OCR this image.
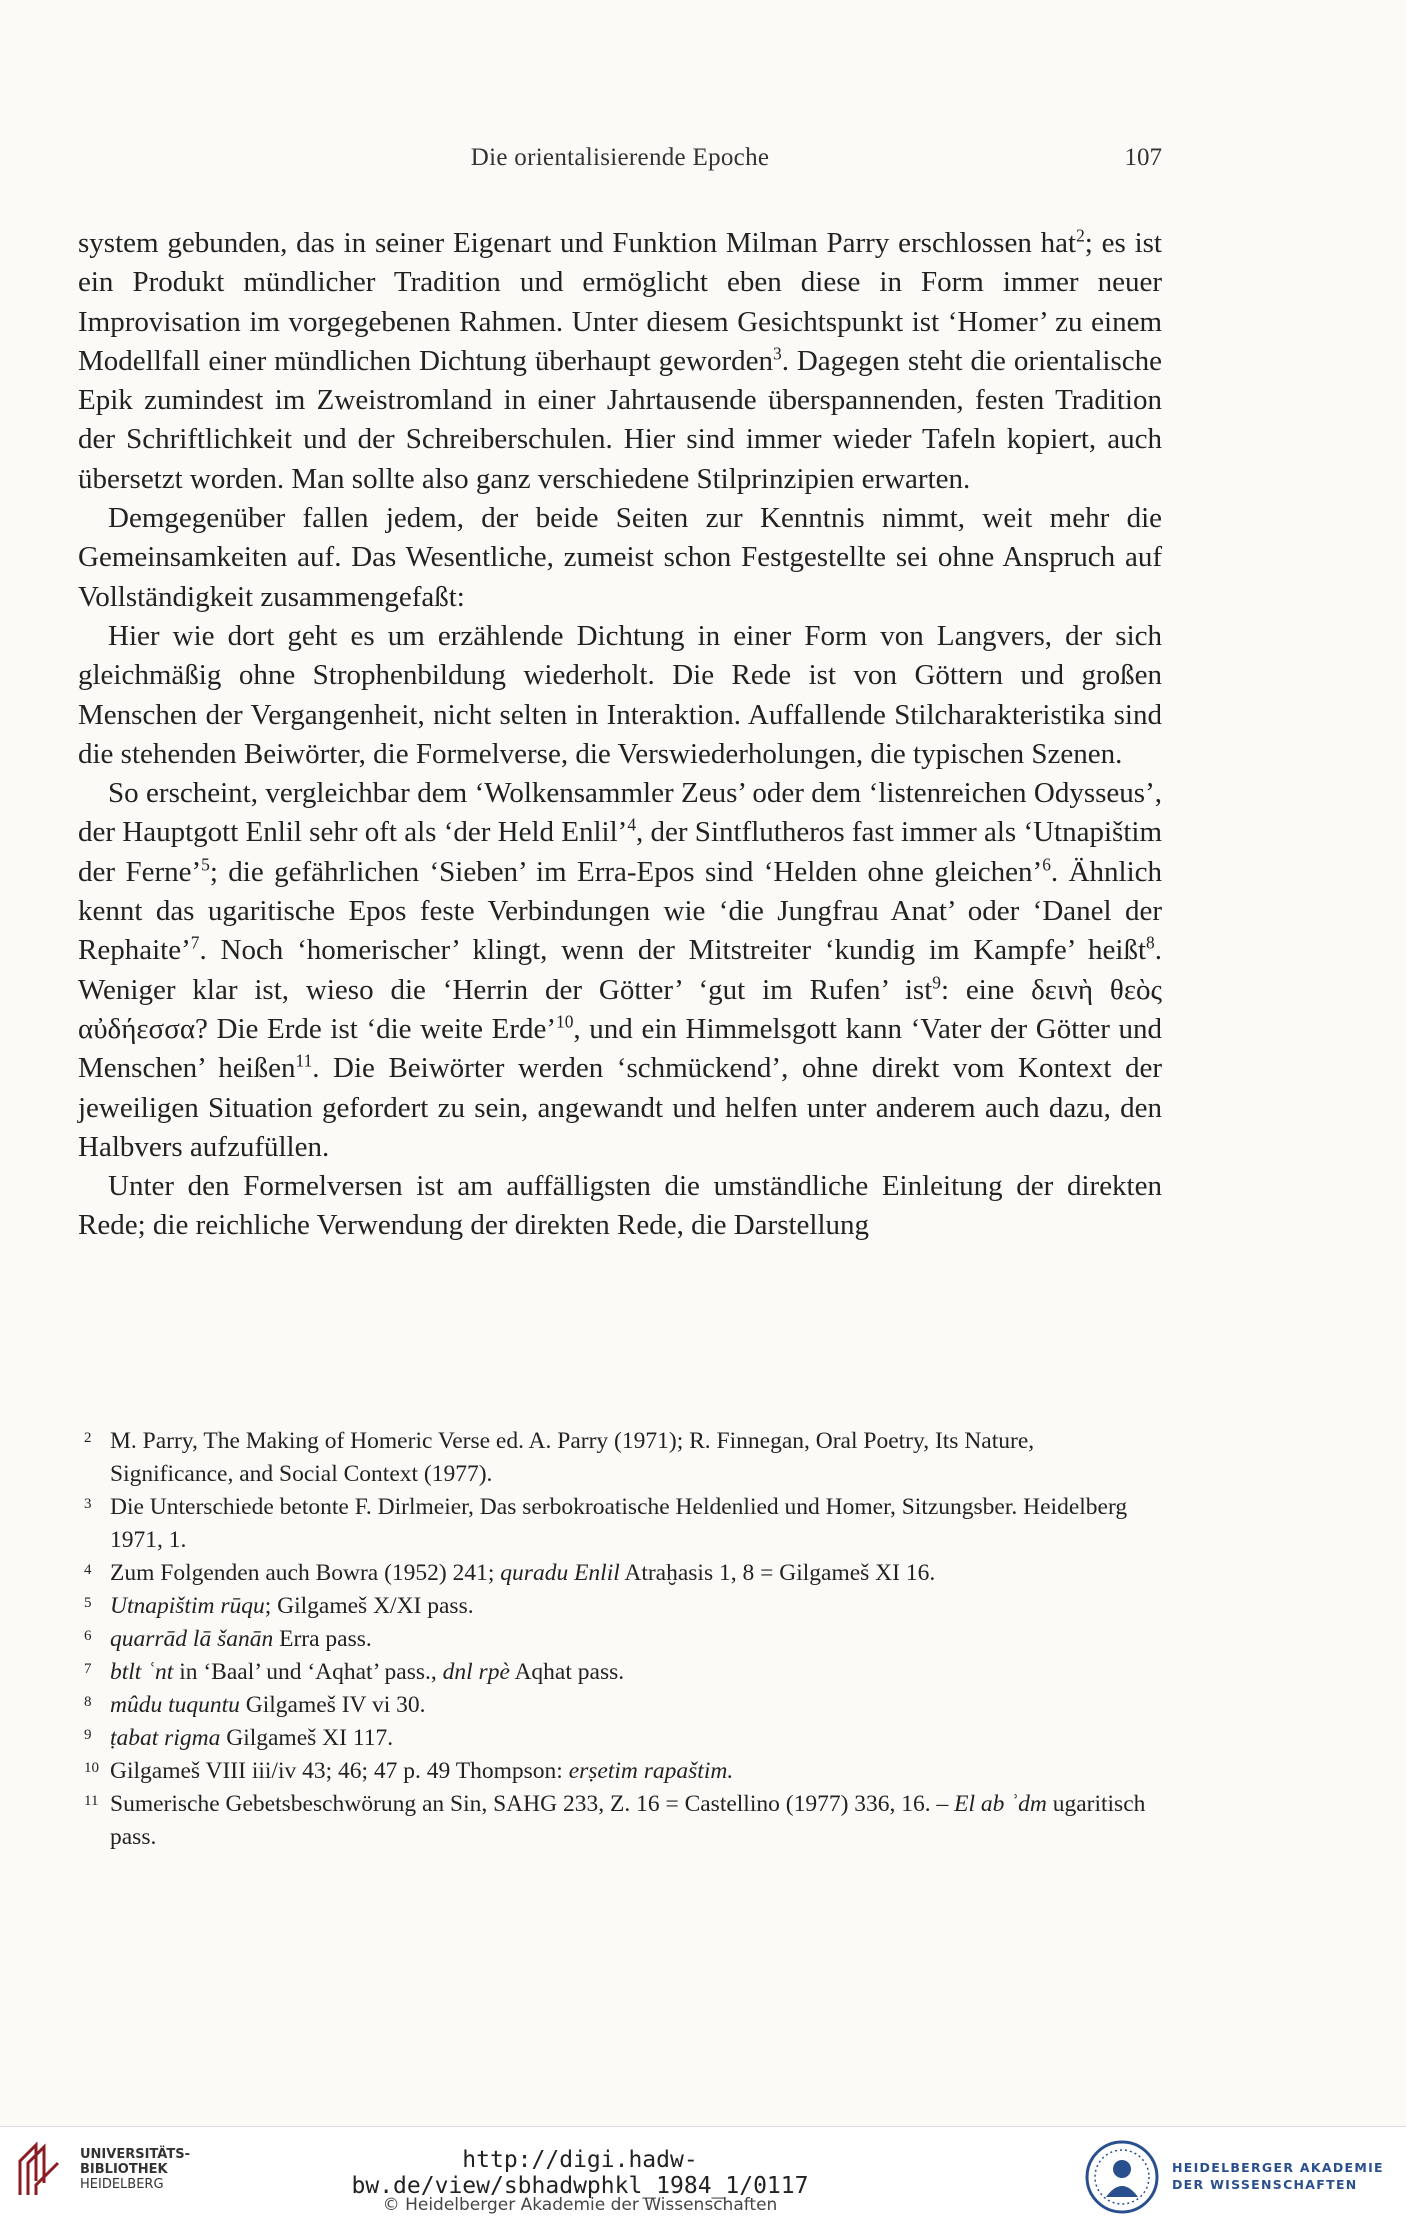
Die orientalisierende Epoche	107

system gebunden, das in seiner Eigenart und Funktion Milman Parry erschlossen hat$^2$; es ist ein Produkt mündlicher Tradition und ermöglicht eben diese in Form immer neuer Improvisation im vorgegebenen Rahmen. Unter diesem Gesichtspunkt ist ‘Homer’ zu einem Modellfall einer mündlichen Dichtung überhaupt geworden$^3$. Dagegen steht die orientalische Epik zumindest im Zweistromland in einer Jahrtausende überspannenden, festen Tradition der Schriftlichkeit und der Schreiberschulen. Hier sind immer wieder Tafeln kopiert, auch übersetzt worden. Man sollte also ganz verschiedene Stilprinzipien erwarten.

Demgegenüber fallen jedem, der beide Seiten zur Kenntnis nimmt, weit mehr die Gemeinsamkeiten auf. Das Wesentliche, zumeist schon Festgestellte sei ohne Anspruch auf Vollständigkeit zusammengefaßt:

Hier wie dort geht es um erzählende Dichtung in einer Form von Langvers, der sich gleichmäßig ohne Strophenbildung wiederholt. Die Rede ist von Göttern und großen Menschen der Vergangenheit, nicht selten in Interaktion. Auffallende Stilcharakteristika sind die stehenden Beiwörter, die Formelverse, die Verswiederholungen, die typischen Szenen.

So erscheint, vergleichbar dem ‘Wolkensammler Zeus’ oder dem ‘listenreichen Odysseus’, der Hauptgott Enlil sehr oft als ‘der Held Enlil’$^4$, der Sintflutheros fast immer als ‘Utnapištim der Ferne’$^5$; die gefährlichen ‘Sieben’ im Erra-Epos sind ‘Helden ohne gleichen’$^6$. Ähnlich kennt das ugaritische Epos feste Verbindungen wie ‘die Jungfrau Anat’ oder ‘Danel der Rephaite’$^7$. Noch ‘homerischer’ klingt, wenn der Mitstreiter ‘kundig im Kampfe’ heißt$^8$. Weniger klar ist, wieso die ‘Herrin der Götter’ ‘gut im Rufen’ ist$^9$: eine δεινὴ θεὸς αὐδήεσσα? Die Erde ist ‘die weite Erde’$^{10}$, und ein Himmelsgott kann ‘Vater der Götter und Menschen’ heißen$^{11}$. Die Beiwörter werden ‘schmückend’, ohne direkt vom Kontext der jeweiligen Situation gefordert zu sein, angewandt und helfen unter anderem auch dazu, den Halbvers aufzufüllen.

Unter den Formelversen ist am auffälligsten die umständliche Einleitung der direkten Rede; die reichliche Verwendung der direkten Rede, die Darstellung

2 M. Parry, The Making of Homeric Verse ed. A. Parry (1971); R. Finnegan, Oral Poetry, Its Nature, Significance, and Social Context (1977).
3 Die Unterschiede betonte F. Dirlmeier, Das serbokroatische Heldenlied und Homer, Sitzungsber. Heidelberg 1971, 1.
4 Zum Folgenden auch Bowra (1952) 241; quradu Enlil Atraḫasis 1, 8 = Gilgameš XI 16.
5 Utnapištim rūqu; Gilgameš X/XI pass.
6 quarrād lā šanān Erra pass.
7 btlt ʿnt in ‘Baal’ und ‘Aqhat’ pass., dnl rpè Aqhat pass.
8 mûdu tuquntu Gilgameš IV vi 30.
9 ṭabat rigma Gilgameš XI 117.
10 Gilgameš VIII iii/iv 43; 46; 47 p. 49 Thompson: erṣetim rapaštim.
11 Sumerische Gebetsbeschwörung an Sin, SAHG 233, Z. 16 = Castellino (1977) 336, 16. – El ab ʾdm ugaritisch pass.
UNIVERSITÄTS-
BIBLIOTHEK
HEIDELBERG
http://digi.hadw-bw.de/view/sbhadwphkl_1984_1/0117
© Heidelberger Akademie der Wissenschaften
HEIDELBERGER AKADEMIE
DER WISSENSCHAFTEN
